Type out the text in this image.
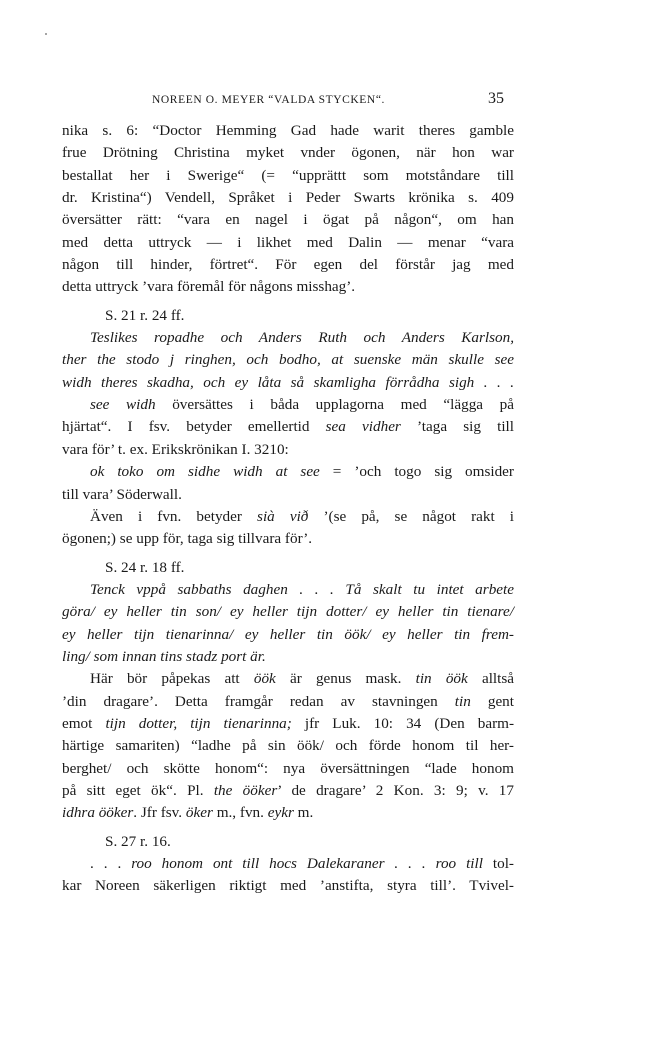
NOREEN O. MEYER “VALDA STYCKEN“.	35
nika s. 6: “Doctor Hemming Gad hade warit theres gamble
frue Drötning Christina myket vnder ögonen, när hon war
bestallat her i Swerige“ (= “upprättt som motståndare till
dr. Kristina“) Vendell, Språket i Peder Swarts krönika s. 409
översätter rätt: “vara en nagel i ögat på någon“, om han
med detta uttryck — i likhet med Dalin — menar “vara
någon till hinder, förtret“. För egen del förstår jag med
detta uttryck ’vara föremål för någons misshag’.
S. 21 r. 24 ff.
Teslikes ropadhe och Anders Ruth och Anders Karlson,
ther the stodo j ringhen, och bodho, at suenske män skulle see
widh theres skadha, och ey låta så skamligha förrådha sigh . . .
see widh översättes i båda upplagorna med “lägga på
hjärtat“. I fsv. betyder emellertid sea vidher ’taga sig till
vara för’ t. ex. Erikskrönikan I. 3210:
ok toko om sidhe widh at see = ’och togo sig omsider
till vara’ Söderwall.
Även i fvn. betyder sià við ’(se på, se något rakt i
ögonen;) se upp för, taga sig tillvara för’.
S. 24 r. 18 ff.
Tenck vppå sabbaths daghen . . . Tå skalt tu intet arbete
göra/ ey heller tin son/ ey heller tijn dotter/ ey heller tin tienare/
ey heller tijn tienarinna/ ey heller tin öök/ ey heller tin frem-
ling/ som innan tins stadz port är.
Här bör påpekas att öök är genus mask. tin öök alltså
’din dragare’. Detta framgår redan av stavningen tin gent
emot tijn dotter, tijn tienarinna; jfr Luk. 10: 34 (Den barm-
härtige samariten) “ladhe på sin öök/ och förde honom til her-
berghet/ och skötte honom“: nya översättningen “lade honom
på sitt eget ök“. Pl. the ööker’ de dragare’ 2 Kon. 3: 9; v. 17
idhra ööker. Jfr fsv. öker m., fvn. eykr m.
S. 27 r. 16.
. . . roo honom ont till hocs Dalekaraner . . . roo till tol-
kar Noreen säkerligen riktigt med ’anstifta, styra till’. Tvivel-
